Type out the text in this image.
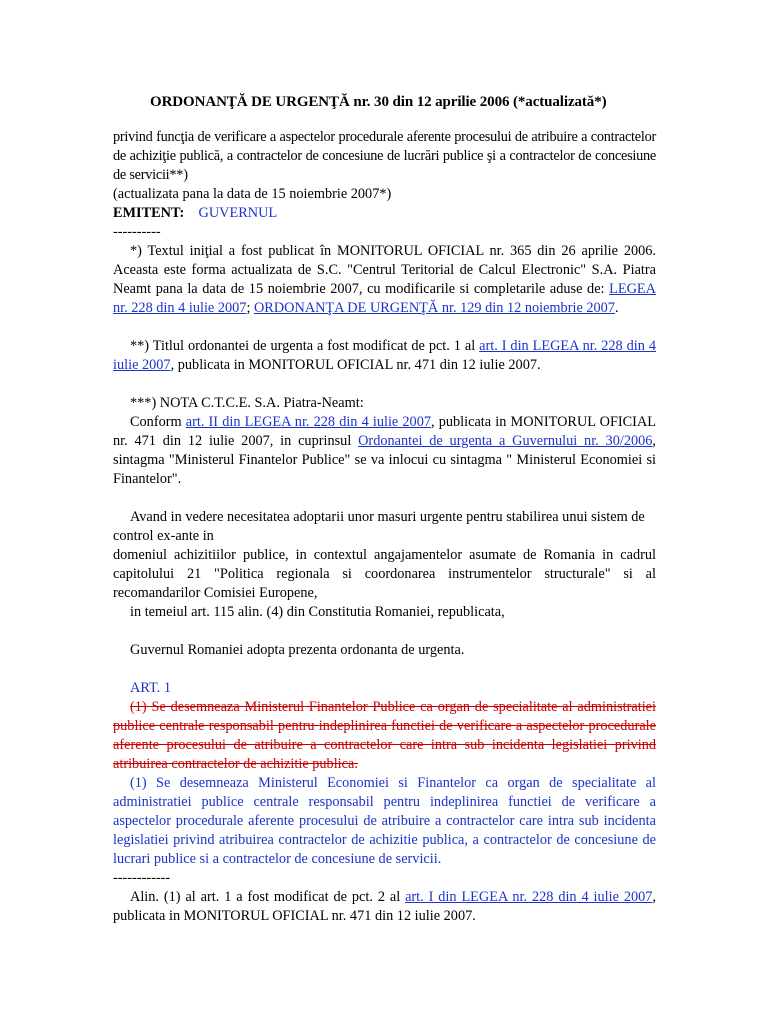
ORDONANŢĂ DE URGENŢĂ nr. 30 din 12 aprilie 2006 (*actualizată*)

privind funcţia de verificare a aspectelor procedurale aferente procesului de atribuire a contractelor de achiziţie publică, a contractelor de concesiune de lucrări publice şi a contractelor de concesiune de servicii**)

(actualizata pana la data de 15 noiembrie 2007*)

EMITENT: GUVERNUL

----------

*) Textul iniţial a fost publicat în MONITORUL OFICIAL nr. 365 din 26 aprilie 2006. Aceasta este forma actualizata de S.C. "Centrul Teritorial de Calcul Electronic" S.A. Piatra Neamt pana la data de 15 noiembrie 2007, cu modificarile si completarile aduse de: LEGEA nr. 228 din 4 iulie 2007; ORDONANŢA DE URGENŢĂ nr. 129 din 12 noiembrie 2007.

**) Titlul ordonantei de urgenta a fost modificat de pct. 1 al art. I din LEGEA nr. 228 din 4 iulie 2007, publicata in MONITORUL OFICIAL nr. 471 din 12 iulie 2007.

***) NOTA C.T.C.E. S.A. Piatra-Neamt:

Conform art. II din LEGEA nr. 228 din 4 iulie 2007, publicata in MONITORUL OFICIAL nr. 471 din 12 iulie 2007, in cuprinsul Ordonantei de urgenta a Guvernului nr. 30/2006, sintagma "Ministerul Finantelor Publice" se va inlocui cu sintagma " Ministerul Economiei si Finantelor".

Avand in vedere necesitatea adoptarii unor masuri urgente pentru stabilirea unui sistem de control ex-ante in

domeniul achizitiilor publice, in contextul angajamentelor asumate de Romania in cadrul capitolului 21 "Politica regionala si coordonarea instrumentelor structurale" si al recomandarilor Comisiei Europene,

in temeiul art. 115 alin. (4) din Constitutia Romaniei, republicata,

Guvernul Romaniei adopta prezenta ordonanta de urgenta.

ART. 1

(1) Se desemneaza Ministerul Finantelor Publice ca organ de specialitate al administratiei publice centrale responsabil pentru indeplinirea functiei de verificare a aspectelor procedurale aferente procesului de atribuire a contractelor care intra sub incidenta legislatiei privind atribuirea contractelor de achizitie publica.

(1) Se desemneaza Ministerul Economiei si Finantelor ca organ de specialitate al administratiei publice centrale responsabil pentru indeplinirea functiei de verificare a aspectelor procedurale aferente procesului de atribuire a contractelor care intra sub incidenta legislatiei privind atribuirea contractelor de achizitie publica, a contractelor de concesiune de lucrari publice si a contractelor de concesiune de servicii.

------------

Alin. (1) al art. 1 a fost modificat de pct. 2 al art. I din LEGEA nr. 228 din 4 iulie 2007, publicata in MONITORUL OFICIAL nr. 471 din 12 iulie 2007.
